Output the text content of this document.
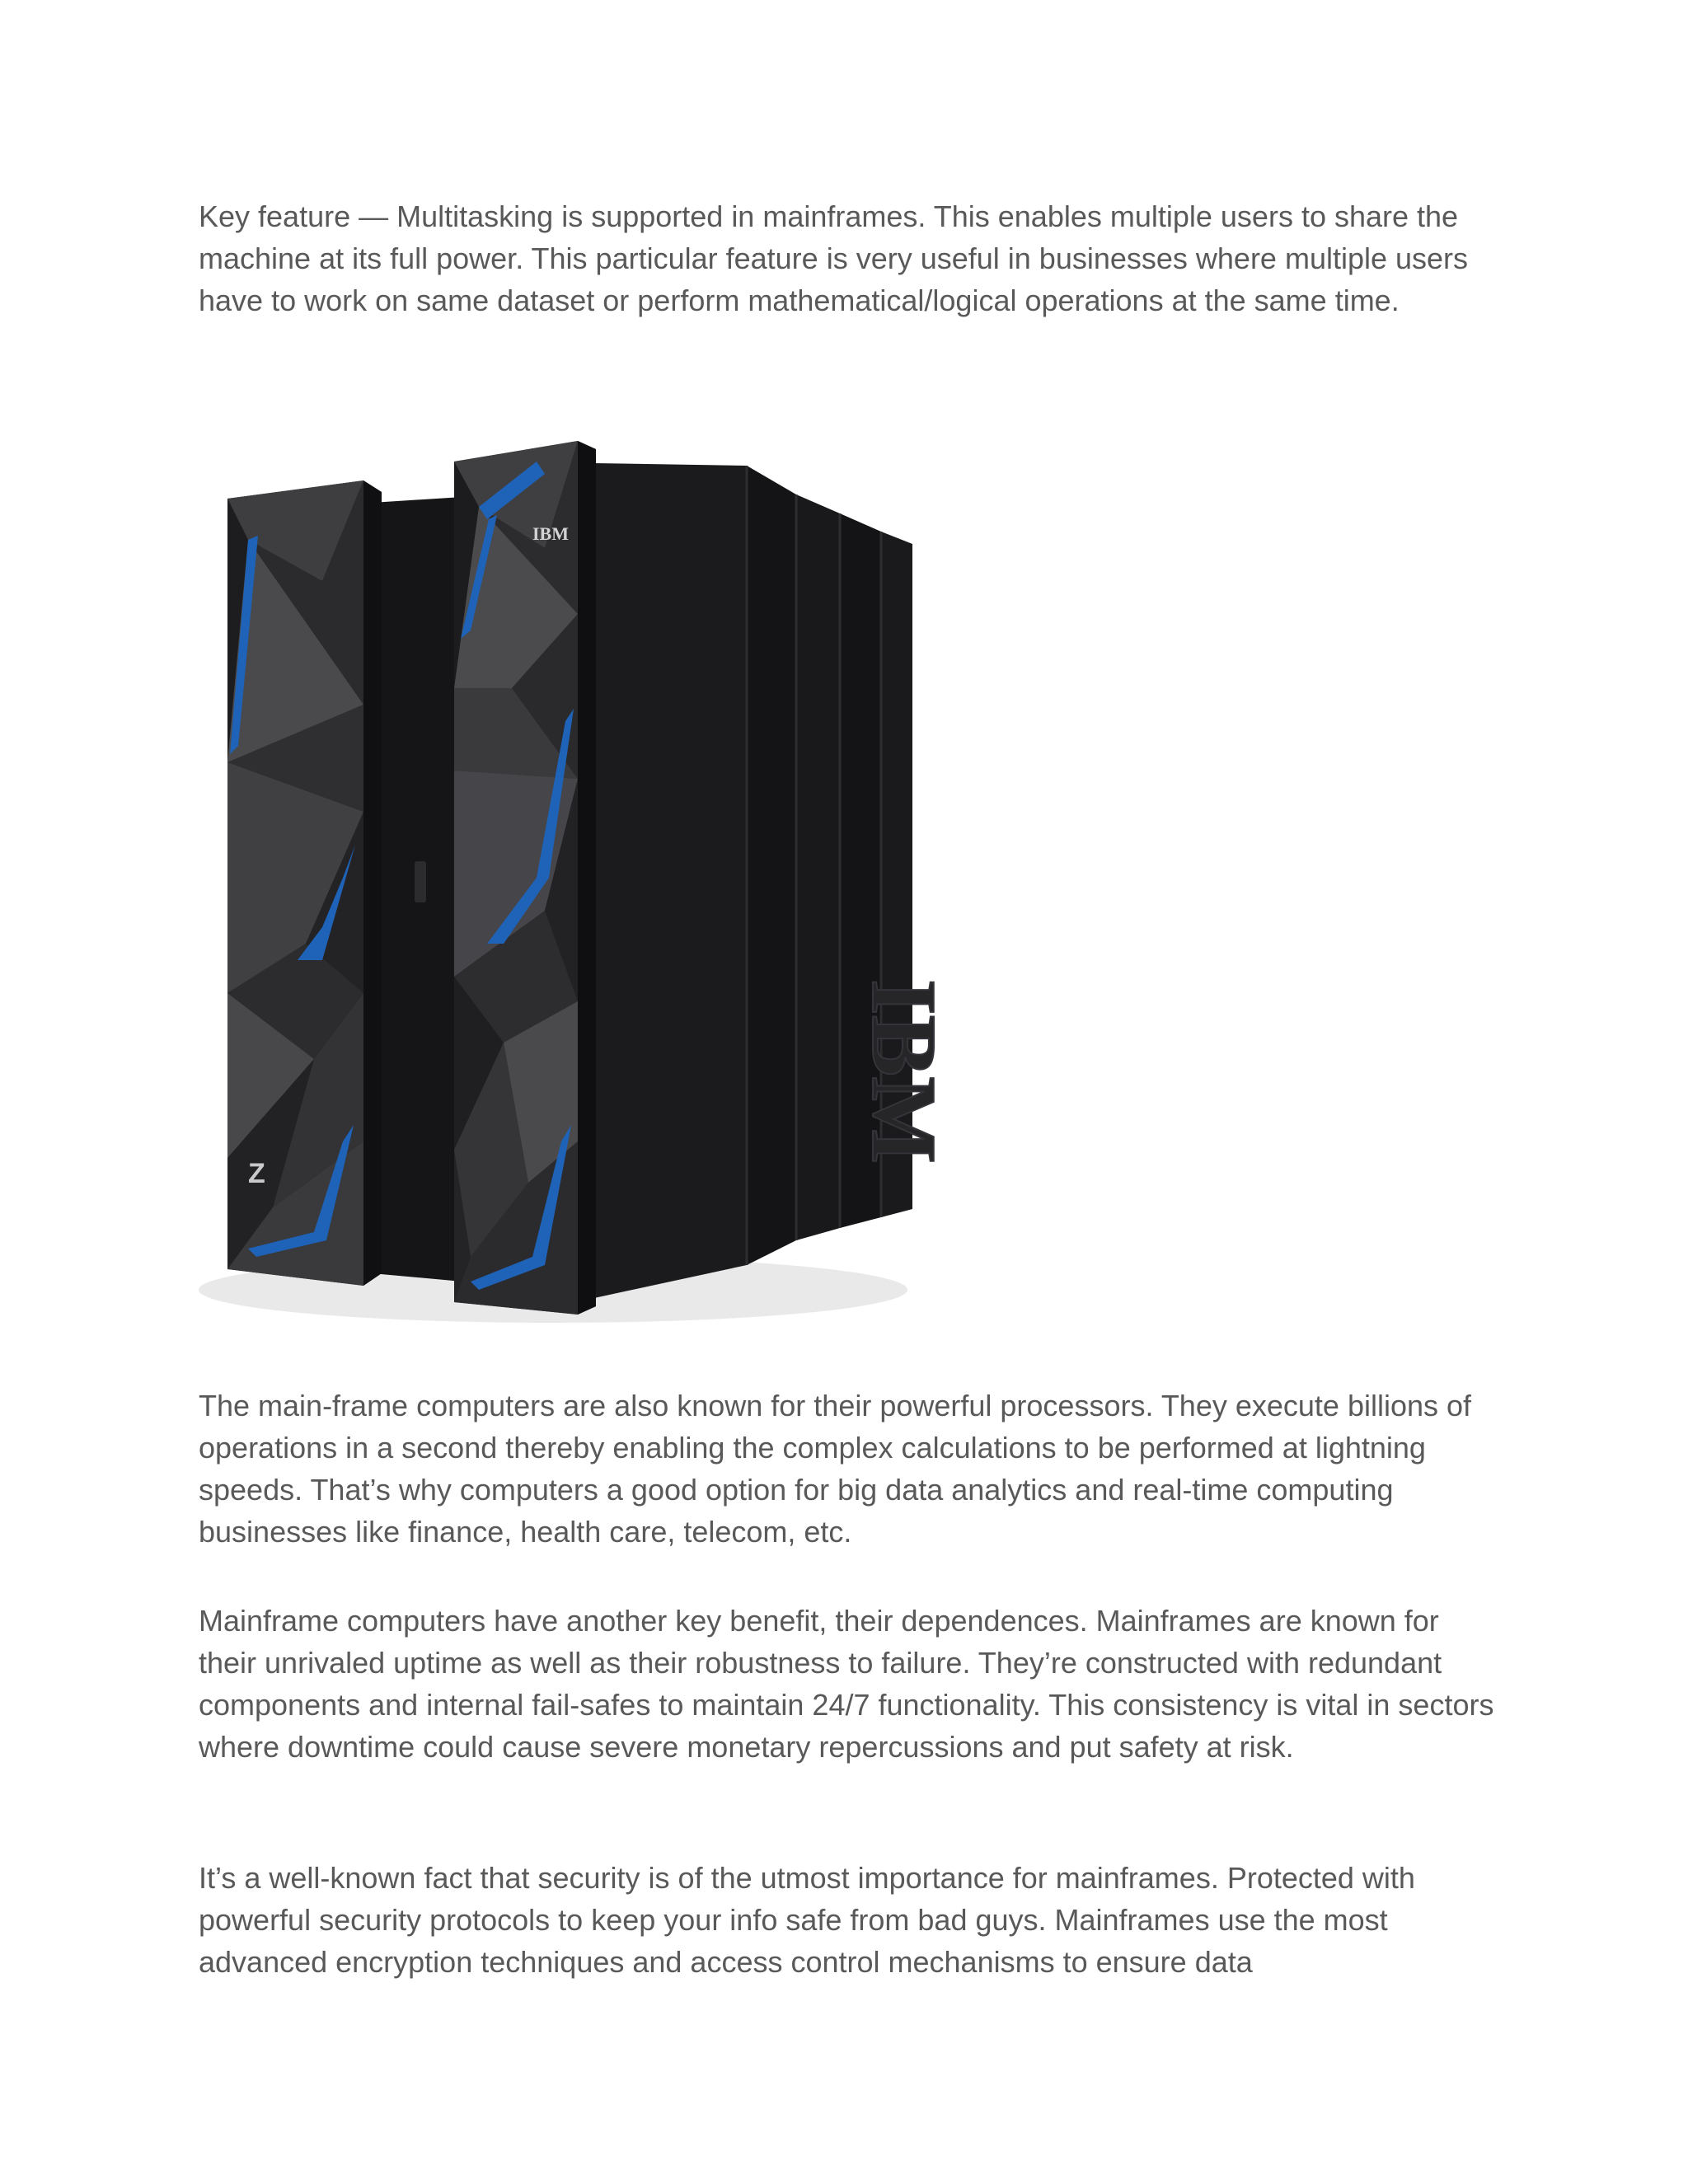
Key feature — Multitasking is supported in mainframes. This enables multiple users to share the machine at its full power. This particular feature is very useful in businesses where multiple users have to work on same dataset or perform mathematical/logical operations at the same time.

IBM
Z
IBM

The main-frame computers are also known for their powerful processors. They execute billions of operations in a second thereby enabling the complex calculations to be performed at lightning speeds. That’s why computers a good option for big data analytics and real-time computing businesses like finance, health care, telecom, etc.

Mainframe computers have another key benefit, their dependences. Mainframes are known for their unrivaled uptime as well as their robustness to failure. They’re constructed with redundant components and internal fail-safes to maintain 24/7 functionality. This consistency is vital in sectors where downtime could cause severe monetary repercussions and put safety at risk.

It’s a well-known fact that security is of the utmost importance for mainframes. Protected with powerful security protocols to keep your info safe from bad guys. Mainframes use the most advanced encryption techniques and access control mechanisms to ensure data
